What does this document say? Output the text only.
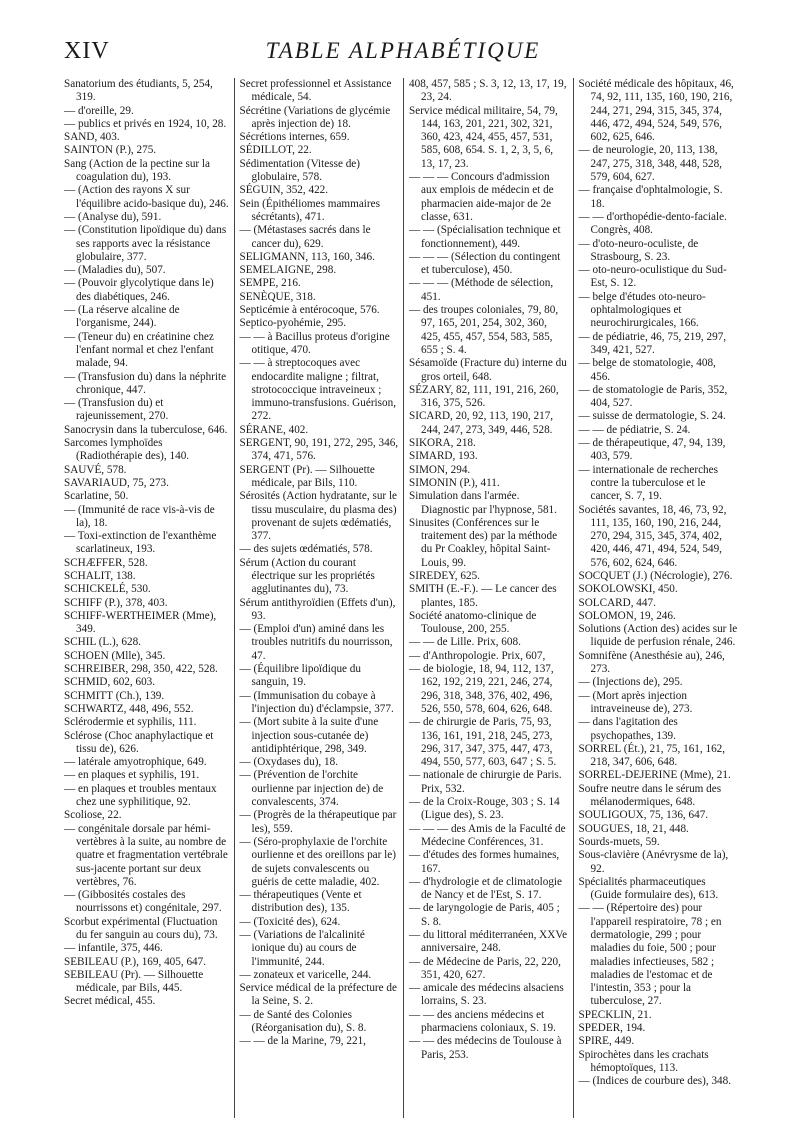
XIV	TABLE ALPHABÉTIQUE

Sanatorium des étudiants, 5, 254, 319.

— d'oreille, 29.

— publics et privés en 1924, 10, 28.

SAND, 403.

SAINTON (P.), 275.

Sang (Action de la pectine sur la coagulation du), 193.

— (Action des rayons X sur l'équilibre acido-basique du), 246.

— (Analyse du), 591.

— (Constitution lipoïdique du) dans ses rapports avec la résistance globulaire, 377.

— (Maladies du), 507.

— (Pouvoir glycolytique dans le) des diabétiques, 246.

— (La réserve alcaline de l'organisme, 244).

— (Teneur du) en créatinine chez l'enfant normal et chez l'enfant malade, 94.

— (Transfusion du) dans la néphrite chronique, 447.

— (Transfusion du) et rajeunissement, 270.

Sanocrysin dans la tuberculose, 646.

Sarcomes lymphoïdes (Radiothérapie des), 140.

SAUVÉ, 578.

SAVARIAUD, 75, 273.

Scarlatine, 50.

— (Immunité de race vis-à-vis de la), 18.

— Toxi-extinction de l'exanthème scarlatineux, 193.

SCHÆFFER, 528.

SCHALIT, 138.

SCHICKELÉ, 530.

SCHIFF (P.), 378, 403.

SCHIFF-WERTHEIMER (Mme), 349.

SCHIL (L.), 628.

SCHOEN (Mlle), 345.

SCHREIBER, 298, 350, 422, 528.

SCHMID, 602, 603.

SCHMITT (Ch.), 139.

SCHWARTZ, 448, 496, 552.

Sclérodermie et syphilis, 111.

Sclérose (Choc anaphylactique et tissu de), 626.

— latérale amyotrophique, 649.

— en plaques et syphilis, 191.

— en plaques et troubles mentaux chez une syphilitique, 92.

Scoliose, 22.

— congénitale dorsale par hémi-vertèbres à la suite, au nombre de quatre et fragmentation vertébrale sus-jacente portant sur deux vertèbres, 76.

— (Gibbosités costales des nourrissons et) congénitale, 297.

Scorbut expérimental (Fluctuation du fer sanguin au cours du), 73.

— infantile, 375, 446.

SEBILEAU (P.), 169, 405, 647.

SEBILEAU (Pr). — Silhouette médicale, par Bils, 445.

Secret médical, 455.

Secret professionnel et Assistance médicale, 54.

Sécrétine (Variations de glycémie après injection de) 18.

Sécrétions internes, 659.

SÉDILLOT, 22.

Sédimentation (Vitesse de) globulaire, 578.

SÉGUIN, 352, 422.

Sein (Épithéliomes mammaires sécrétants), 471.

— (Métastases sacrés dans le cancer du), 629.

SELIGMANN, 113, 160, 346.

SEMELAIGNE, 298.

SEMPE, 216.

SENÈQUE, 318.

Septicémie à entérocoque, 576.

Septico-pyohémie, 295.

— — à Bacillus proteus d'origine otitique, 470.

— — à streptocoques avec endocardite maligne ; filtrat, strotococcique intraveineux ; immuno-transfusions. Guérison, 272.

SÉRANE, 402.

SERGENT, 90, 191, 272, 295, 346, 374, 471, 576.

SERGENT (Pr). — Silhouette médicale, par Bils, 110.

Sérosités (Action hydratante, sur le tissu musculaire, du plasma des) provenant de sujets œdématiés, 377.

— des sujets œdématiés, 578.

Sérum (Action du courant électrique sur les propriétés agglutinantes du), 73.

Sérum antithyroïdien (Effets d'un), 93.

— (Emploi d'un) aminé dans les troubles nutritifs du nourrisson, 47.

— (Équilibre lipoïdique du sanguin, 19.

— (Immunisation du cobaye à l'injection du) d'éclampsie, 377.

— (Mort subite à la suite d'une injection sous-cutanée de) antidiphtérique, 298, 349.

— (Oxydases du), 18.

— (Prévention de l'orchite ourlienne par injection de) de convalescents, 374.

— (Progrès de la thérapeutique par les), 559.

— (Séro-prophylaxie de l'orchite ourlienne et des oreillons par le) de sujets convalescents ou guéris de cette maladie, 402.

— thérapeutiques (Vente et distribution des), 135.

— (Toxicité des), 624.

— (Variations de l'alcalinité ionique du) au cours de l'immunité, 244.

— zonateux et varicelle, 244.

Service médical de la préfecture de la Seine, S. 2.

— de Santé des Colonies (Réorganisation du), S. 8.

— — de la Marine, 79, 221,

408, 457, 585 ; S. 3, 12, 13, 17, 19, 23, 24.

Service médical militaire, 54, 79, 144, 163, 201, 221, 302, 321, 360, 423, 424, 455, 457, 531, 585, 608, 654. S. 1, 2, 3, 5, 6, 13, 17, 23.

— — — Concours d'admission aux emplois de médecin et de pharmacien aide-major de 2e classe, 631.

— — (Spécialisation technique et fonctionnement), 449.

— — — (Sélection du contingent et tuberculose), 450.

— — — (Méthode de sélection, 451.

— des troupes coloniales, 79, 80, 97, 165, 201, 254, 302, 360, 425, 455, 457, 554, 583, 585, 655 ; S. 4.

Sésamoïde (Fracture du) interne du gros orteil, 648.

SÉZARY, 82, 111, 191, 216, 260, 316, 375, 526.

SICARD, 20, 92, 113, 190, 217, 244, 247, 273, 349, 446, 528.

SIKORA, 218.

SIMARD, 193.

SIMON, 294.

SIMONIN (P.), 411.

Simulation dans l'armée. Diagnostic par l'hypnose, 581.

Sinusites (Conférences sur le traitement des) par la méthode du Pr Coakley, hôpital Saint-Louis, 99.

SIREDEY, 625.

SMITH (E.-F.). — Le cancer des plantes, 185.

Société anatomo-clinique de Toulouse, 200, 255.

— — de Lille. Prix, 608.

— d'Anthropologie. Prix, 607,

— de biologie, 18, 94, 112, 137, 162, 192, 219, 221, 246, 274, 296, 318, 348, 376, 402, 496, 526, 550, 578, 604, 626, 648.

— de chirurgie de Paris, 75, 93, 136, 161, 191, 218, 245, 273, 296, 317, 347, 375, 447, 473, 494, 550, 577, 603, 647 ; S. 5.

— nationale de chirurgie de Paris. Prix, 532.

— de la Croix-Rouge, 303 ; S. 14 (Ligue des), S. 23.

— — — des Amis de la Faculté de Médecine Conférences, 31.

— d'études des formes humaines, 167.

— d'hydrologie et de climatologie de Nancy et de l'Est, S. 17.

— de laryngologie de Paris, 405 ; S. 8.

— du littoral méditerranéen, XXVe anniversaire, 248.

— de Médecine de Paris, 22, 220, 351, 420, 627.

— amicale des médecins alsaciens lorrains, S. 23.

— — des anciens médecins et pharmaciens coloniaux, S. 19.

— — des médecins de Toulouse à Paris, 253.

Société médicale des hôpitaux, 46, 74, 92, 111, 135, 160, 190, 216, 244, 271, 294, 315, 345, 374, 446, 472, 494, 524, 549, 576, 602, 625, 646.

— de neurologie, 20, 113, 138, 247, 275, 318, 348, 448, 528, 579, 604, 627.

— française d'ophtalmologie, S. 18.

— — d'orthopédie-dento-faciale. Congrès, 408.

— d'oto-neuro-oculiste, de Strasbourg, S. 23.

— oto-neuro-oculistique du Sud-Est, S. 12.

— belge d'études oto-neuro-ophtalmologiques et neurochirurgicales, 166.

— de pédiatrie, 46, 75, 219, 297, 349, 421, 527.

— belge de stomatologie, 408, 456.

— de stomatologie de Paris, 352, 404, 527.

— suisse de dermatologie, S. 24.

— — de pédiatrie, S. 24.

— de thérapeutique, 47, 94, 139, 403, 579.

— internationale de recherches contre la tuberculose et le cancer, S. 7, 19.

Sociétés savantes, 18, 46, 73, 92, 111, 135, 160, 190, 216, 244, 270, 294, 315, 345, 374, 402, 420, 446, 471, 494, 524, 549, 576, 602, 624, 646.

SOCQUET (J.) (Nécrologie), 276.

SOKOLOWSKI, 450.

SOLCARD, 447.

SOLOMON, 19, 246.

Solutions (Action des) acides sur le liquide de perfusion rénale, 246.

Somnifène (Anesthésie au), 246, 273.

— (Injections de), 295.

— (Mort après injection intraveineuse de), 273.

— dans l'agitation des psychopathes, 139.

SORREL (Ét.), 21, 75, 161, 162, 218, 347, 606, 648.

SORREL-DEJERINE (Mme), 21.

Soufre neutre dans le sérum des mélanodermiques, 648.

SOULIGOUX, 75, 136, 647.

SOUGUES, 18, 21, 448.

Sourds-muets, 59.

Sous-clavière (Anévrysme de la), 92.

Spécialités pharmaceutiques (Guide formulaire des), 613.

— — (Répertoire des) pour l'appareil respiratoire, 78 ; en dermatologie, 299 ; pour maladies du foie, 500 ; pour maladies infectieuses, 582 ; maladies de l'estomac et de l'intestin, 353 ; pour la tuberculose, 27.

SPECKLIN, 21.

SPEDER, 194.

SPIRE, 449.

Spirochètes dans les crachats hémoptoïques, 113.

— (Indices de courbure des), 348.
